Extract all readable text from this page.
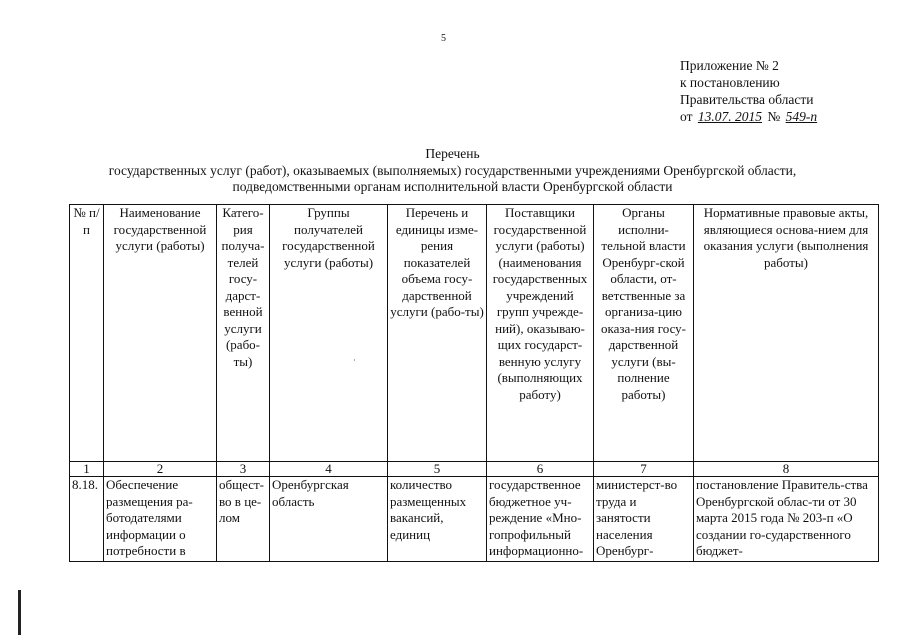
5
Приложение № 2
к постановлению
Правительства области
от 13.07. 2015 № 549-п
Перечень
государственных услуг (работ), оказываемых (выполняемых) государственными учреждениями Оренбургской области,
подведомственными органам исполнительной власти Оренбургской области
№ п/п	Наименование государственной услуги (работы)	Катего-рия получа-телей госу-дарст-венной услуги (рабо-ты)	Группы получателей государственной услуги (работы)	Перечень и единицы изме-рения показателей объема госу-дарственной услуги (рабо-ты)	Поставщики государственной услуги (работы) (наименования государственных учреждений групп учрежде-ний), оказываю-щих государст-венную услугу (выполняющих работу)	Органы исполни-тельной власти Оренбург-ской области, от-ветственные за организа-цию оказа-ния госу-дарственной услуги (вы-полнение работы)	Нормативные правовые акты, являющиеся основа-нием для оказания услуги (выполнения работы)
1	2	3	4	5	6	7	8
8.18.	Обеспечение размещения ра-ботодателями информации о потребности в	общест-во в це-лом	Оренбургская область	количество размещенных вакансий, единиц	государственное бюджетное уч-реждение «Мно-гопрофильный информационно-	министерст-во труда и занятости населения Оренбург-	постановление Правитель-ства Оренбургской облас-ти от 30 марта 2015 года № 203-п «О создании го-сударственного бюджет-
·
